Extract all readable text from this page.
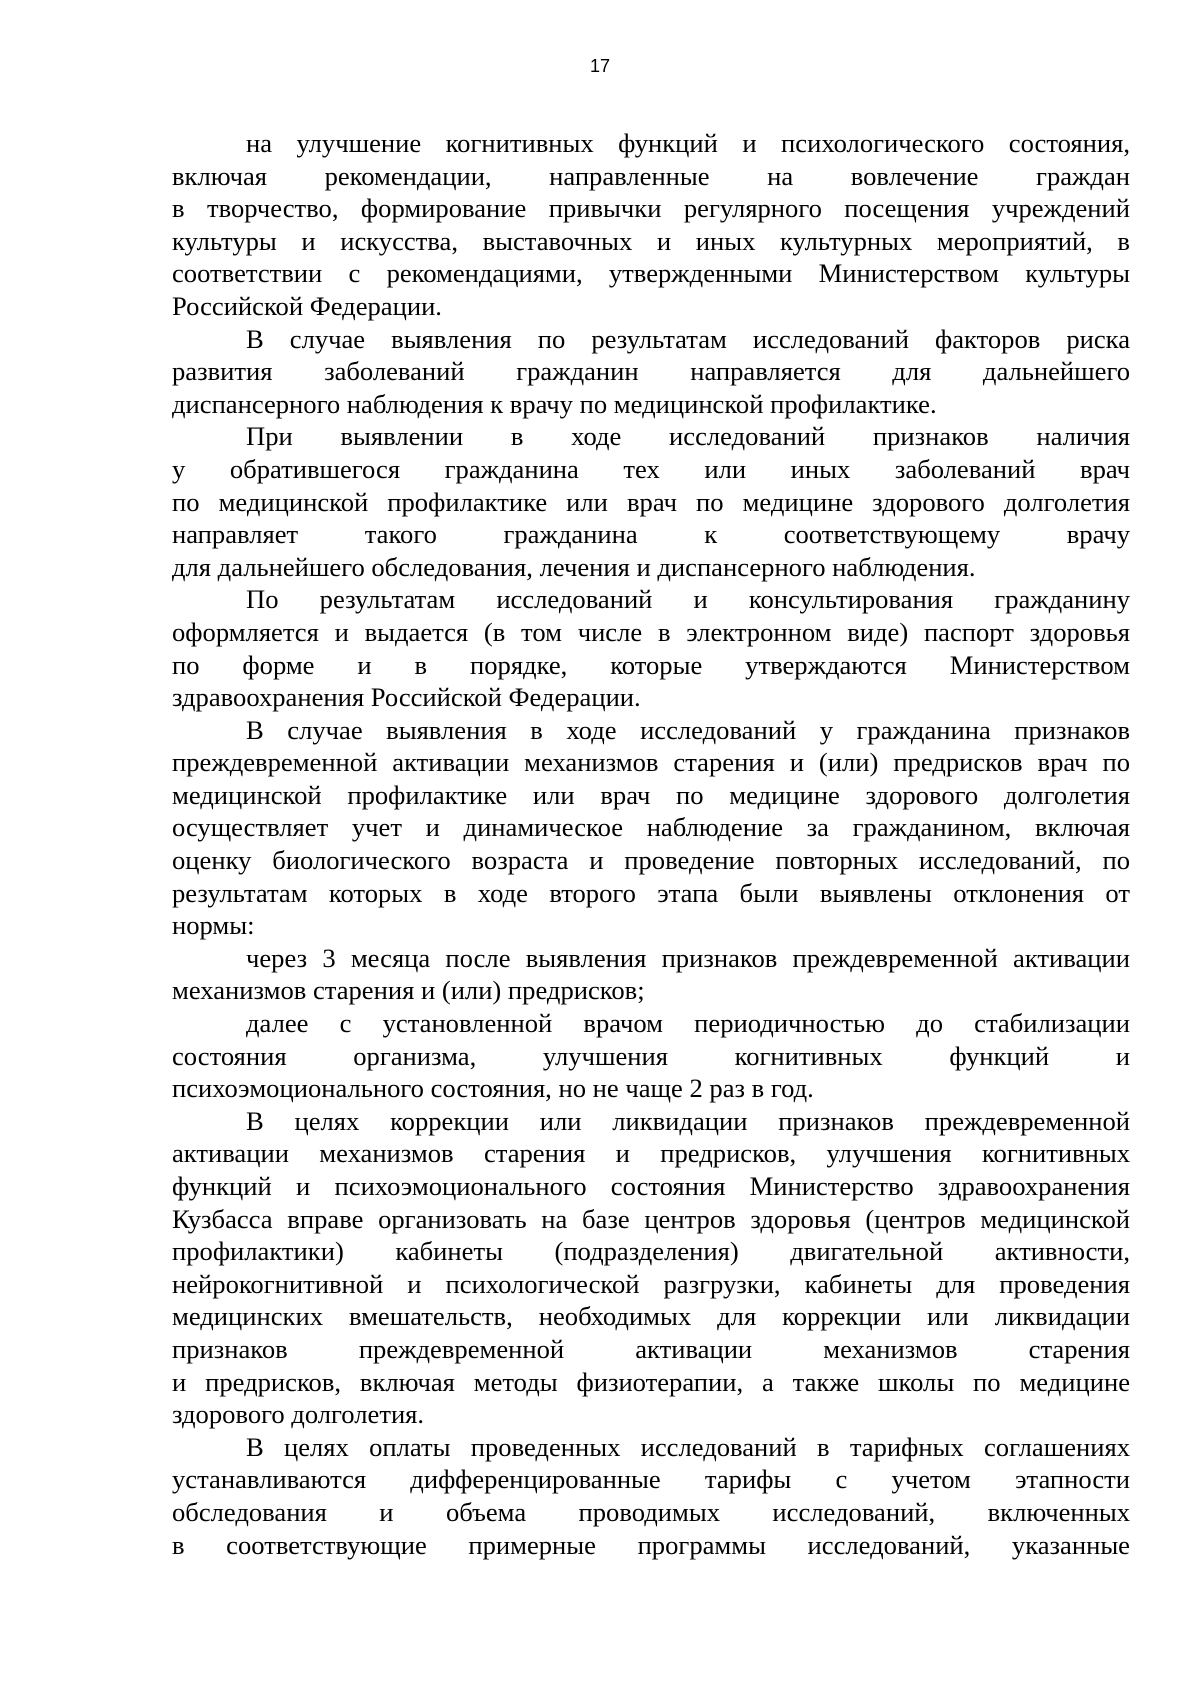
17
на улучшение когнитивных функций и психологического состояния,
включая рекомендации, направленные на вовлечение граждан
в творчество, формирование привычки регулярного посещения учреждений
культуры и искусства, выставочных и иных культурных мероприятий, в
соответствии с рекомендациями, утвержденными Министерством культуры
Российской Федерации.
В случае выявления по результатам исследований факторов риска
развития заболеваний гражданин направляется для дальнейшего
диспансерного наблюдения к врачу по медицинской профилактике.
При выявлении в ходе исследований признаков наличия
у обратившегося гражданина тех или иных заболеваний врач
по медицинской профилактике или врач по медицине здорового долголетия
направляет такого гражданина к соответствующему врачу
для дальнейшего обследования, лечения и диспансерного наблюдения.
По результатам исследований и консультирования гражданину
оформляется и выдается (в том числе в электронном виде) паспорт здоровья
по форме и в порядке, которые утверждаются Министерством
здравоохранения Российской Федерации.
В случае выявления в ходе исследований у гражданина признаков
преждевременной активации механизмов старения и (или) предрисков врач по
медицинской профилактике или врач по медицине здорового долголетия
осуществляет учет и динамическое наблюдение за гражданином, включая
оценку биологического возраста и проведение повторных исследований, по
результатам которых в ходе второго этапа были выявлены отклонения от
нормы:
через 3 месяца после выявления признаков преждевременной активации
механизмов старения и (или) предрисков;
далее с установленной врачом периодичностью до стабилизации
состояния организма, улучшения когнитивных функций и
психоэмоционального состояния, но не чаще 2 раз в год.
В целях коррекции или ликвидации признаков преждевременной
активации механизмов старения и предрисков, улучшения когнитивных
функций и психоэмоционального состояния Министерство здравоохранения
Кузбасса вправе организовать на базе центров здоровья (центров медицинской
профилактики) кабинеты (подразделения) двигательной активности,
нейрокогнитивной и психологической разгрузки, кабинеты для проведения
медицинских вмешательств, необходимых для коррекции или ликвидации
признаков преждевременной активации механизмов старения
и предрисков, включая методы физиотерапии, а также школы по медицине
здорового долголетия.
В целях оплаты проведенных исследований в тарифных соглашениях
устанавливаются дифференцированные тарифы с учетом этапности
обследования и объема проводимых исследований, включенных
в соответствующие примерные программы исследований, указанные
